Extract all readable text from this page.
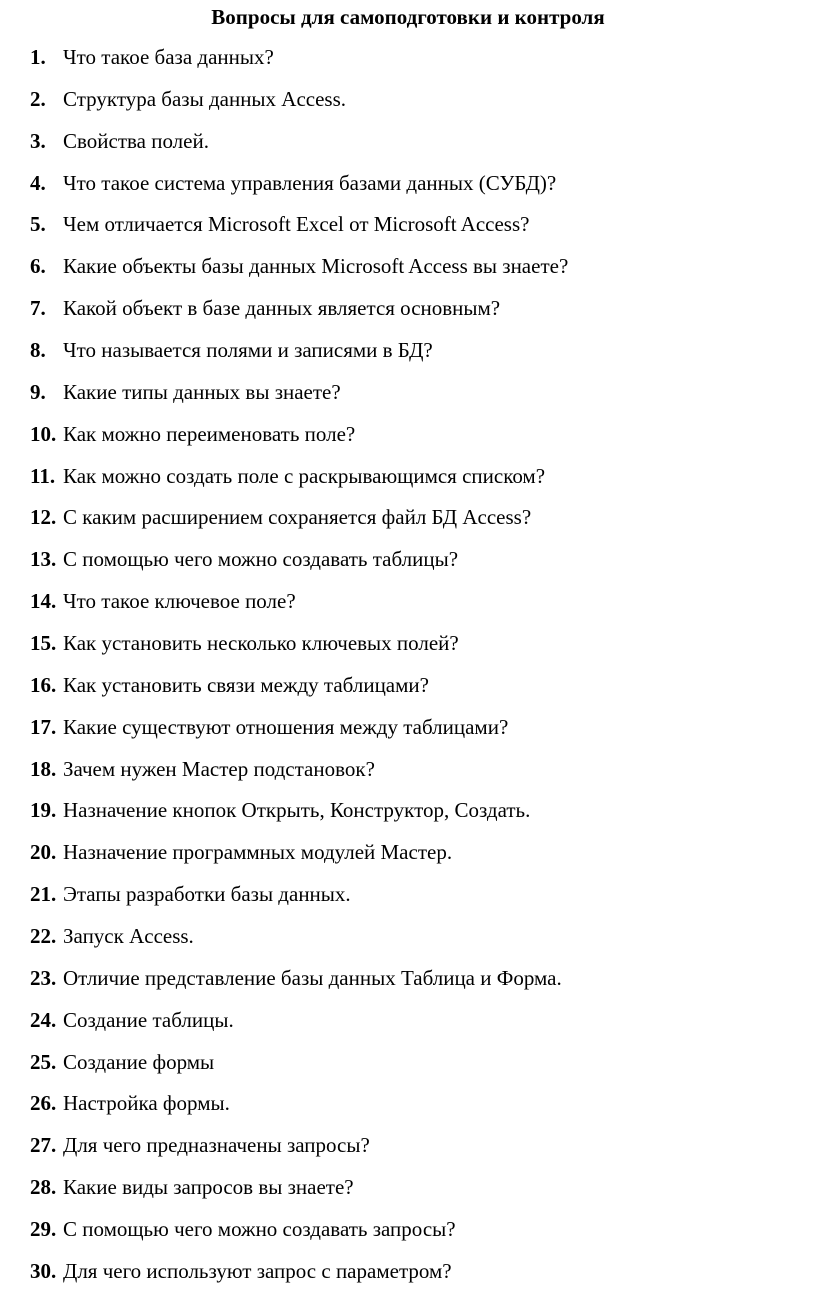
Вопросы для самоподготовки и контроля
1. Что такое база данных?
2. Структура базы данных Access.
3. Свойства полей.
4. Что такое система управления базами данных (СУБД)?
5. Чем отличается Microsoft Excel от Microsoft Access?
6. Какие объекты базы данных Microsoft Access вы знаете?
7. Какой объект в базе данных является основным?
8. Что называется полями и записями в БД?
9. Какие типы данных вы знаете?
10. Как можно переименовать поле?
11. Как можно создать поле с раскрывающимся списком?
12. С каким расширением сохраняется файл БД Access?
13. С помощью чего можно создавать таблицы?
14. Что такое ключевое поле?
15. Как установить несколько ключевых полей?
16. Как установить связи между таблицами?
17. Какие существуют отношения между таблицами?
18. Зачем нужен Мастер подстановок?
19. Назначение кнопок Открыть, Конструктор, Создать.
20. Назначение программных модулей Мастер.
21. Этапы разработки базы данных.
22. Запуск Access.
23. Отличие представление базы данных Таблица и Форма.
24. Создание таблицы.
25. Создание формы
26. Настройка формы.
27. Для чего предназначены запросы?
28. Какие виды запросов вы знаете?
29. С помощью чего можно создавать запросы?
30. Для чего используют запрос с параметром?
